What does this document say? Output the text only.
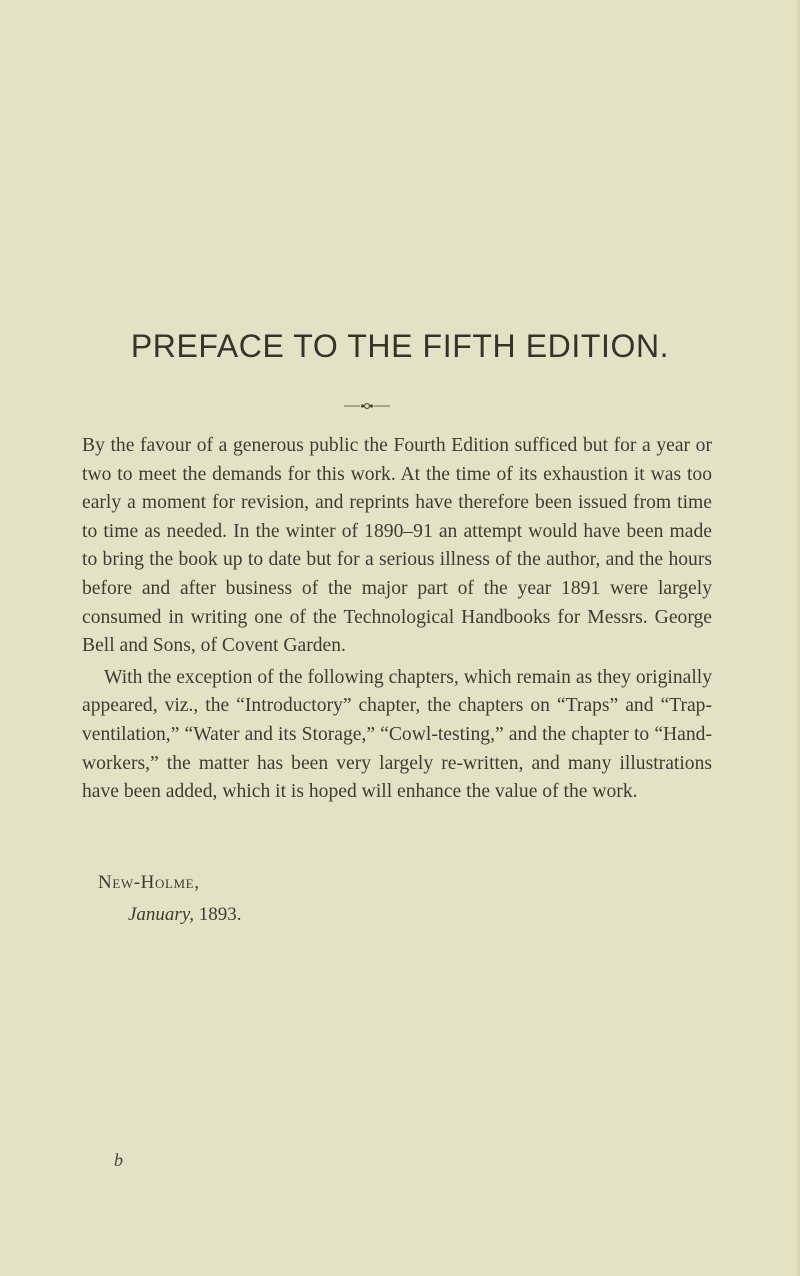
PREFACE TO THE FIFTH EDITION.

By the favour of a generous public the Fourth Edition sufficed but for a year or two to meet the demands for this work. At the time of its exhaustion it was too early a moment for revision, and reprints have therefore been issued from time to time as needed. In the winter of 1890–91 an attempt would have been made to bring the book up to date but for a serious illness of the author, and the hours before and after business of the major part of the year 1891 were largely consumed in writing one of the Technological Handbooks for Messrs. George Bell and Sons, of Covent Garden.

With the exception of the following chapters, which remain as they originally appeared, viz., the “Introductory” chapter, the chapters on “Traps” and “Trap-ventilation,” “Water and its Storage,” “Cowl-testing,” and the chapter to “Hand-workers,” the matter has been very largely re-written, and many illustrations have been added, which it is hoped will enhance the value of the work.

New-Holme,
January, 1893.
b
